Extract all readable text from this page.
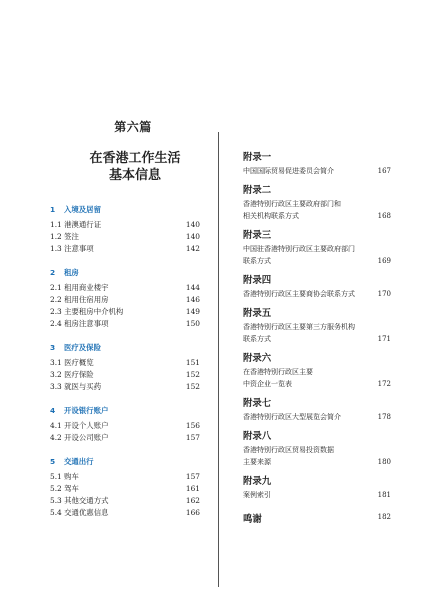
第六篇
在香港工作生活
基本信息
1 入境及居留
1.1 港澳通行证	140
1.2 签注	140
1.3 注意事项	142
2 租房
2.1 租用商业楼宇	144
2.2 租用住宿用房	146
2.3 主要租房中介机构	149
2.4 租房注意事项	150
3 医疗及保险
3.1 医疗概览	151
3.2 医疗保险	152
3.3 就医与买药	152
4 开设银行账户
4.1 开设个人账户	156
4.2 开设公司账户	157
5 交通出行
5.1 购车	157
5.2 驾车	161
5.3 其他交通方式	162
5.4 交通优惠信息	166
附录一
中国国际贸易促进委员会简介	167
附录二
香港特别行政区主要政府部门和
相关机构联系方式	168
附录三
中国驻香港特别行政区主要政府部门
联系方式	169
附录四
香港特别行政区主要商协会联系方式	170
附录五
香港特别行政区主要第三方服务机构
联系方式	171
附录六
在香港特别行政区主要
中资企业一览表	172
附录七
香港特别行政区大型展览会简介	178
附录八
香港特别行政区贸易投资数据
主要来源	180
附录九
案例索引	181
鸣谢	182
